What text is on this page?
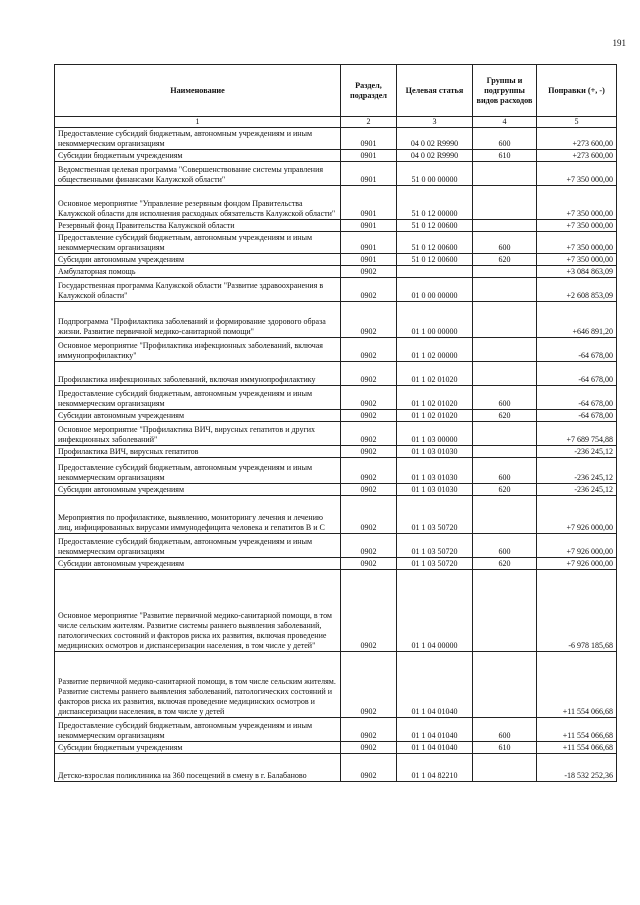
191
Наименование	Раздел, подраздел	Целевая статья	Группы и подгруппы видов расходов	Поправки (+, -)
1	2	3	4	5
Предоставление субсидий бюджетным, автономным учреждениям и иным некоммерческим организациям	0901	04 0 02 R9990	600	+273 600,00
Субсидии бюджетным учреждениям	0901	04 0 02 R9990	610	+273 600,00
Ведомственная целевая программа "Совершенствование системы управления общественными финансами Калужской области"	0901	51 0 00 00000		+7 350 000,00
Основное мероприятие "Управление резервным фондом Правительства Калужской области для исполнения расходных обязательств Калужской области"	0901	51 0 12 00000		+7 350 000,00
Резервный фонд Правительства Калужской области	0901	51 0 12 00600		+7 350 000,00
Предоставление субсидий бюджетным, автономным учреждениям и иным некоммерческим организациям	0901	51 0 12 00600	600	+7 350 000,00
Субсидии автономным учреждениям	0901	51 0 12 00600	620	+7 350 000,00
Амбулаторная помощь	0902			+3 084 863,09
Государственная программа Калужской области "Развитие здравоохранения в Калужской области"	0902	01 0 00 00000		+2 608 853,09
Подпрограмма "Профилактика заболеваний и формирование здорового образа жизни. Развитие первичной медико-санитарной помощи"	0902	01 1 00 00000		+646 891,20
Основное мероприятие "Профилактика инфекционных заболеваний, включая иммунопрофилактику"	0902	01 1 02 00000		-64 678,00
Профилактика инфекционных заболеваний, включая иммунопрофилактику	0902	01 1 02 01020		-64 678,00
Предоставление субсидий бюджетным, автономным учреждениям и иным некоммерческим организациям	0902	01 1 02 01020	600	-64 678,00
Субсидии автономным учреждениям	0902	01 1 02 01020	620	-64 678,00
Основное мероприятие "Профилактика ВИЧ, вирусных гепатитов и других инфекционных заболеваний"	0902	01 1 03 00000		+7 689 754,88
Профилактика ВИЧ, вирусных гепатитов	0902	01 1 03 01030		-236 245,12
Предоставление субсидий бюджетным, автономным учреждениям и иным некоммерческим организациям	0902	01 1 03 01030	600	-236 245,12
Субсидии автономным учреждениям	0902	01 1 03 01030	620	-236 245,12
Мероприятия по профилактике, выявлению, мониторингу лечения и лечению лиц, инфицированных вирусами иммунодефицита человека и гепатитов B и C	0902	01 1 03 50720		+7 926 000,00
Предоставление субсидий бюджетным, автономным учреждениям и иным некоммерческим организациям	0902	01 1 03 50720	600	+7 926 000,00
Субсидии автономным учреждениям	0902	01 1 03 50720	620	+7 926 000,00
Основное мероприятие "Развитие первичной медико-санитарной помощи, в том числе сельским жителям. Развитие системы раннего выявления заболеваний, патологических состояний и факторов риска их развития, включая проведение медицинских осмотров и диспансеризации населения, в том числе у детей"	0902	01 1 04 00000		-6 978 185,68
Развитие первичной медико-санитарной помощи, в том числе сельским жителям. Развитие системы раннего выявления заболеваний, патологических состояний и факторов риска их развития, включая проведение медицинских осмотров и диспансеризации населения, в том числе у детей	0902	01 1 04 01040		+11 554 066,68
Предоставление субсидий бюджетным, автономным учреждениям и иным некоммерческим организациям	0902	01 1 04 01040	600	+11 554 066,68
Субсидии бюджетным учреждениям	0902	01 1 04 01040	610	+11 554 066,68
Детско-взрослая поликлиника на 360 посещений в смену в г. Балабаново	0902	01 1 04 82210		-18 532 252,36
